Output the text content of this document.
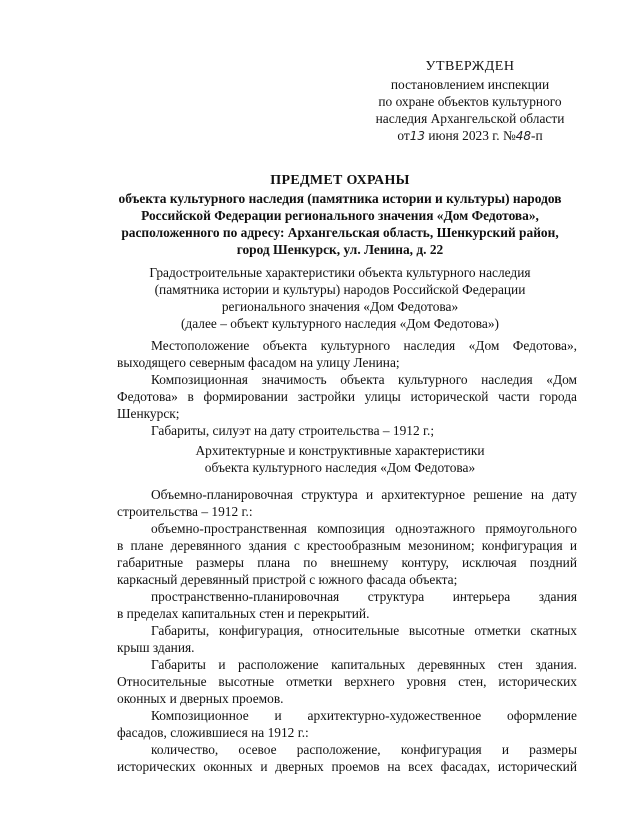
УТВЕРЖДЕН
постановлением инспекции
по охране объектов культурного
наследия Архангельской области
от13 июня 2023 г. №48-п
ПРЕДМЕТ ОХРАНЫ
объекта культурного наследия (памятника истории и культуры) народов
Российской Федерации регионального значения «Дом Федотова»,
расположенного по адресу: Архангельская область, Шенкурский район,
город Шенкурск, ул. Ленина, д. 22
Градостроительные характеристики объекта культурного наследия
(памятника истории и культуры) народов Российской Федерации
регионального значения «Дом Федотова»
(далее – объект культурного наследия «Дом Федотова»)
Местоположение объекта культурного наследия «Дом Федотова»,
выходящего северным фасадом на улицу Ленина;
Композиционная значимость объекта культурного наследия «Дом
Федотова» в формировании застройки улицы исторической части города
Шенкурск;
Габариты, силуэт на дату строительства – 1912 г.;
Архитектурные и конструктивные характеристики
объекта культурного наследия «Дом Федотова»
Объемно-планировочная структура и архитектурное решение на дату
строительства – 1912 г.:
объемно-пространственная композиция одноэтажного прямоугольного
в плане деревянного здания с крестообразным мезонином; конфигурация и
габаритные размеры плана по внешнему контуру, исключая поздний
каркасный деревянный пристрой с южного фасада объекта;
пространственно-планировочная структура интерьера здания
в пределах капитальных стен и перекрытий.
Габариты, конфигурация, относительные высотные отметки скатных
крыш здания.
Габариты и расположение капитальных деревянных стен здания.
Относительные высотные отметки верхнего уровня стен, исторических
оконных и дверных проемов.
Композиционное и архитектурно-художественное оформление
фасадов, сложившиеся на 1912 г.:
количество, осевое расположение, конфигурация и размеры
исторических оконных и дверных проемов на всех фасадах, исторический
